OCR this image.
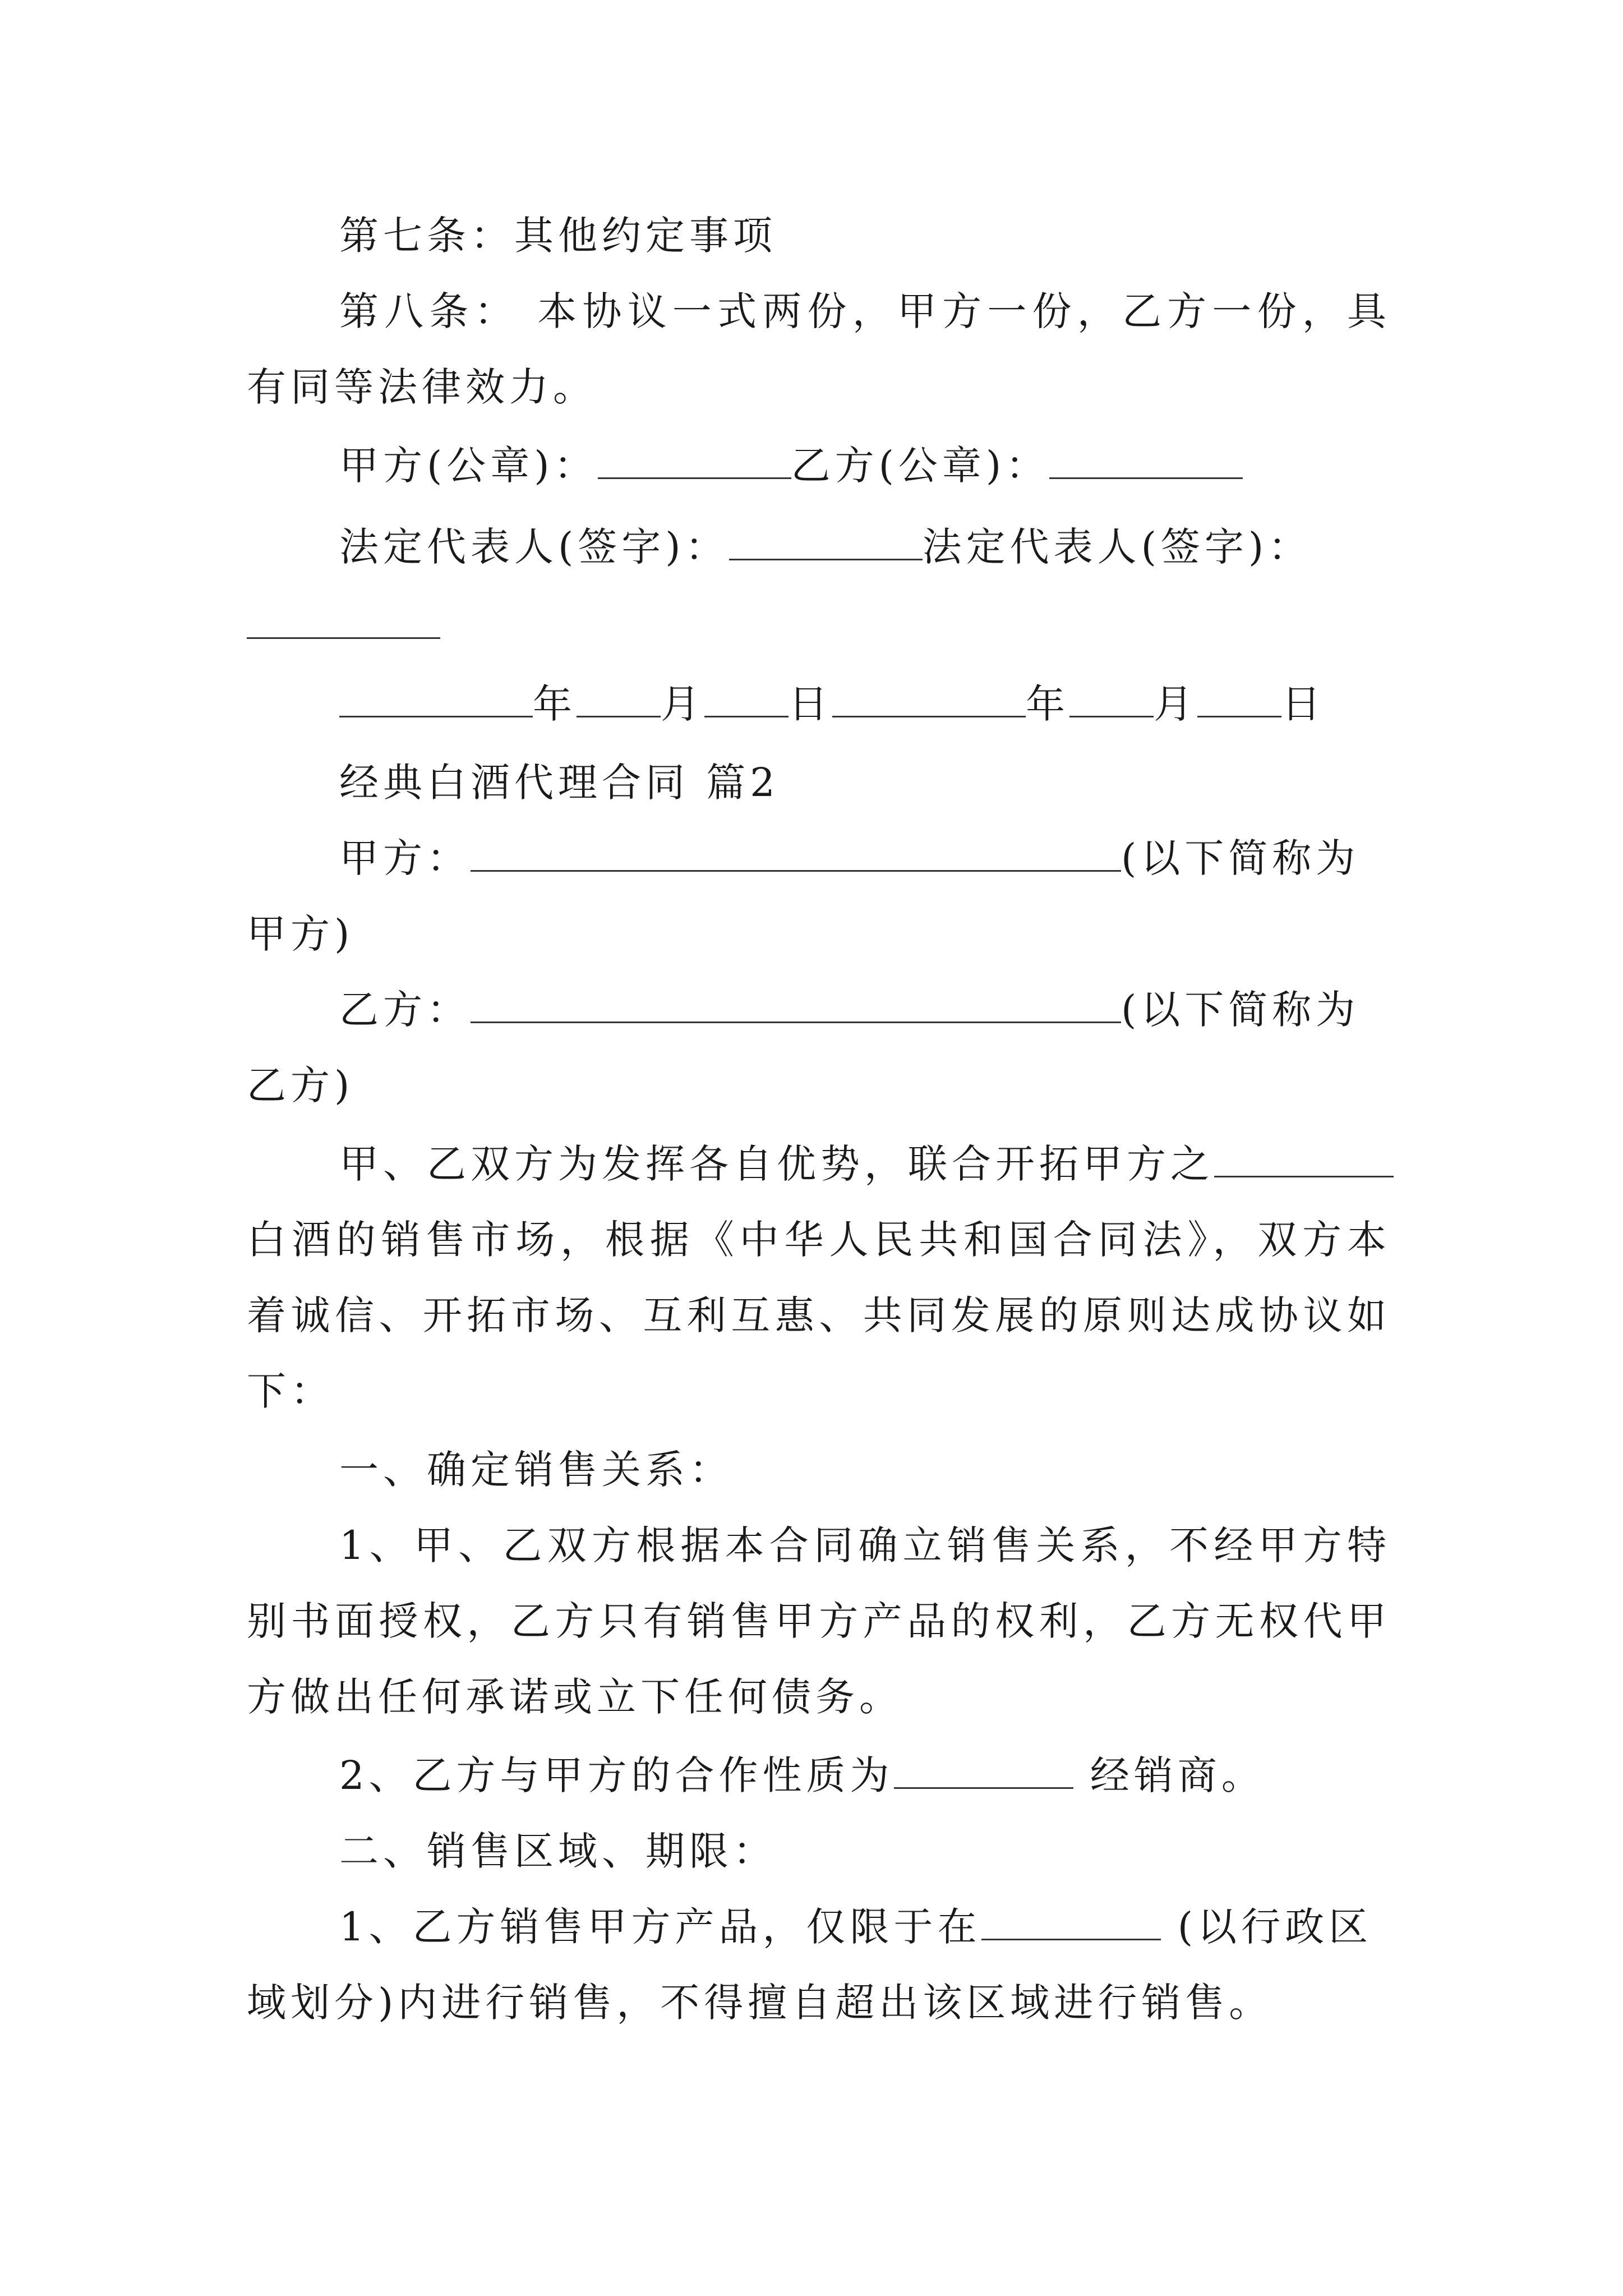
第七条：其他约定事项
第八条： 本协议一式两份，甲方一份，乙方一份，具
有同等法律效力。
甲方(公章)：	乙方(公章)：
法定代表人(签字)：	法定代表人(签字)：
年 月 日	年 月 日
经典白酒代理合同 篇2
甲方：	(以下简称为
甲方)
乙方：	(以下简称为
乙方)
甲、乙双方为发挥各自优势，联合开拓甲方之
白酒的销售市场，根据《中华人民共和国合同法》，双方本
着诚信、开拓市场、互利互惠、共同发展的原则达成协议如
下：
一、确定销售关系：
1、甲、乙双方根据本合同确立销售关系，不经甲方特
别书面授权，乙方只有销售甲方产品的权利，乙方无权代甲
方做出任何承诺或立下任何债务。
2、乙方与甲方的合作性质为	经销商。
二、销售区域、期限：
1、乙方销售甲方产品，仅限于在	(以行政区
域划分)内进行销售，不得擅自超出该区域进行销售。
